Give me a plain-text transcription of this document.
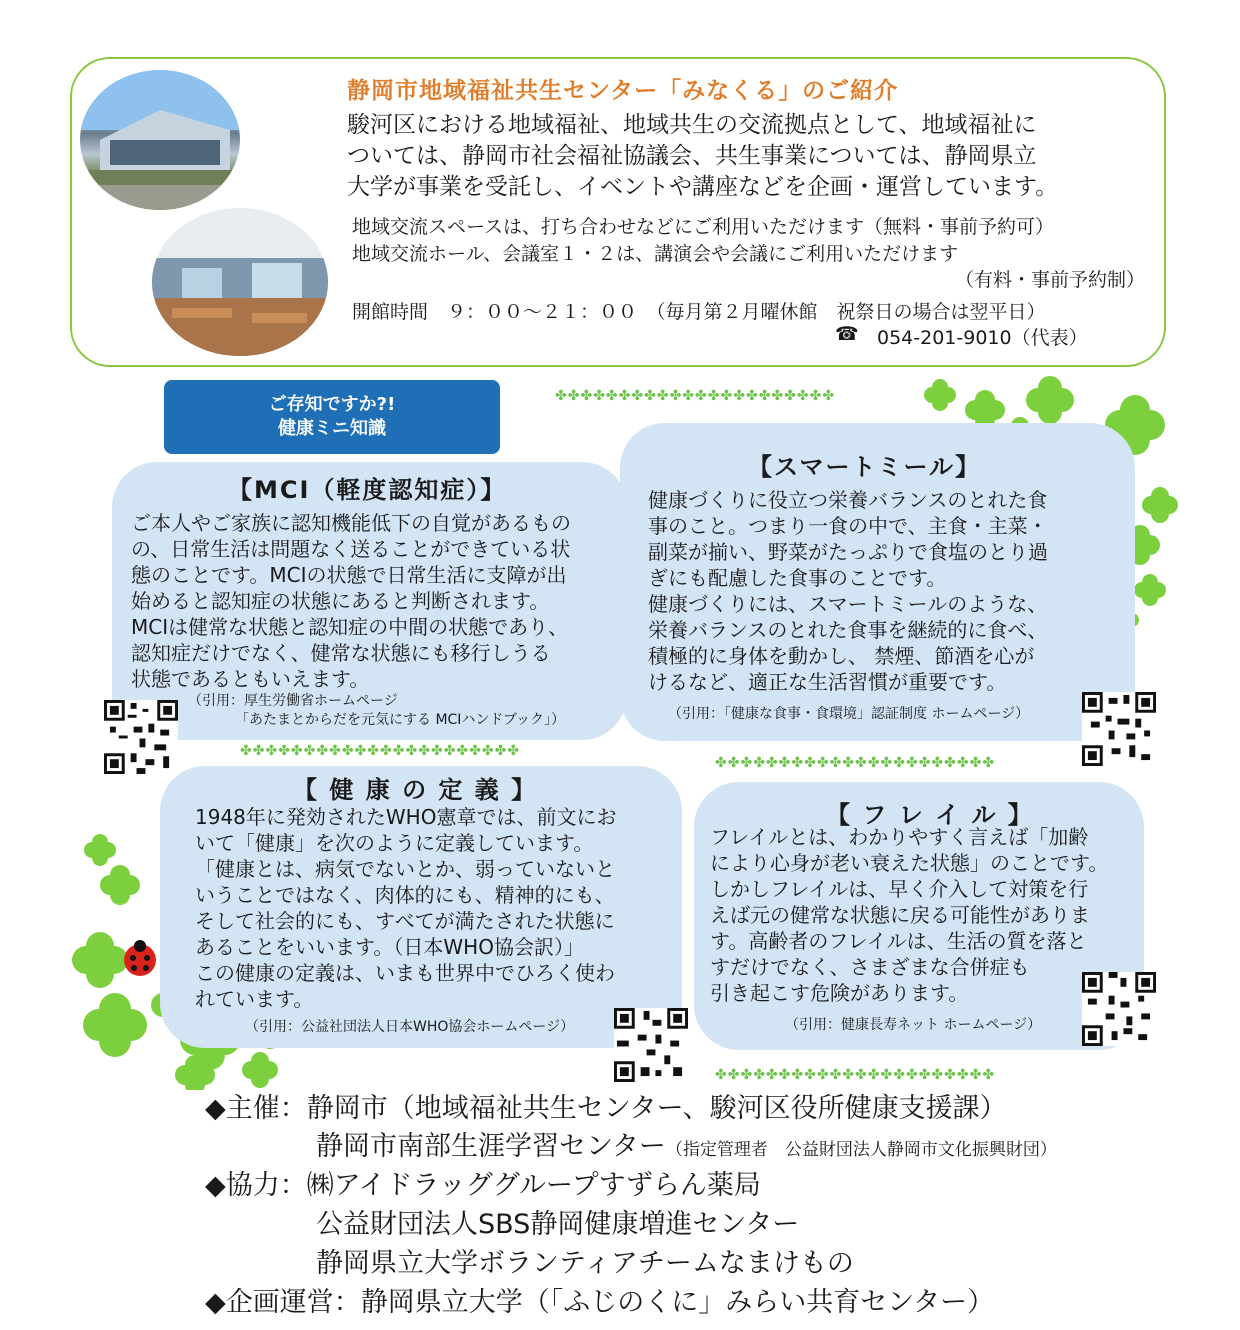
静岡市地域福祉共生センター「みなくる」のご紹介
駿河区における地域福祉、地域共生の交流拠点として、地域福祉に
ついては、静岡市社会福祉協議会、共生事業については、静岡県立
大学が事業を受託し、イベントや講座などを企画・運営しています。
地域交流スペースは、打ち合わせなどにご利用いただけます（無料・事前予約可）
地域交流ホール、会議室１・２は、講演会や会議にご利用いただけます
（有料・事前予約制）
開館時間　９：００～２１：００　（毎月第２月曜休館　祝祭日の場合は翌平日）
☎ 054-201-9010（代表）
ご存知ですか?!
健康ミニ知識
✤✤✤✤✤✤✤✤✤✤✤✤✤✤✤✤✤✤✤✤✤✤
✤✤✤✤✤✤✤✤✤✤✤✤✤✤✤✤✤✤✤✤✤✤
✤✤✤✤✤✤✤✤✤✤✤✤✤✤✤✤✤✤✤✤✤✤
✤✤✤✤✤✤✤✤✤✤✤✤✤✤✤✤✤✤✤✤✤✤
【MCI（軽度認知症）】
ご本人やご家族に認知機能低下の自覚があるもの
の、日常生活は問題なく送ることができている状
態のことです。MCIの状態で日常生活に支障が出
始めると認知症の状態にあると判断されます。
MCIは健常な状態と認知症の中間の状態であり、
認知症だけでなく、健常な状態にも移行しうる
状態であるともいえます。
（引用：厚生労働省ホームページ
「あたまとからだを元気にする MCIハンドブック」）
【スマートミール】
健康づくりに役立つ栄養バランスのとれた食
事のこと。つまり一食の中で、主食・主菜・
副菜が揃い、野菜がたっぷりで食塩のとり過
ぎにも配慮した食事のことです。
健康づくりには、スマートミールのような、
栄養バランスのとれた食事を継続的に食べ、
積極的に身体を動かし、 禁煙、節酒を心が
けるなど、適正な生活習慣が重要です。
（引用：「健康な食事・食環境」認証制度 ホームページ）
【 健 康 の 定 義 】
1948年に発効されたWHO憲章では、前文にお
いて「健康」を次のように定義しています。
「健康とは、病気でないとか、弱っていないと
いうことではなく、肉体的にも、精神的にも、
そして社会的にも、すべてが満たされた状態に
あることをいいます。（日本WHO協会訳）」
この健康の定義は、いまも世界中でひろく使わ
れています。
（引用：公益社団法人日本WHO協会ホームページ）
【 フ レ イ ル 】
フレイルとは、わかりやすく言えば「加齢
により心身が老い衰えた状態」のことです。
しかしフレイルは、早く介入して対策を行
えば元の健常な状態に戻る可能性がありま
す。高齢者のフレイルは、生活の質を落と
すだけでなく、さまざまな合併症も
引き起こす危険があります。
（引用：健康長寿ネット ホームページ）
◆主催：静岡市（地域福祉共生センター、駿河区役所健康支援課）
静岡市南部生涯学習センター（指定管理者　公益財団法人静岡市文化振興財団）
◆協力：㈱アイドラッググループすずらん薬局
公益財団法人SBS静岡健康増進センター
静岡県立大学ボランティアチームなまけもの
◆企画運営：静岡県立大学（「ふじのくに」みらい共育センター）
